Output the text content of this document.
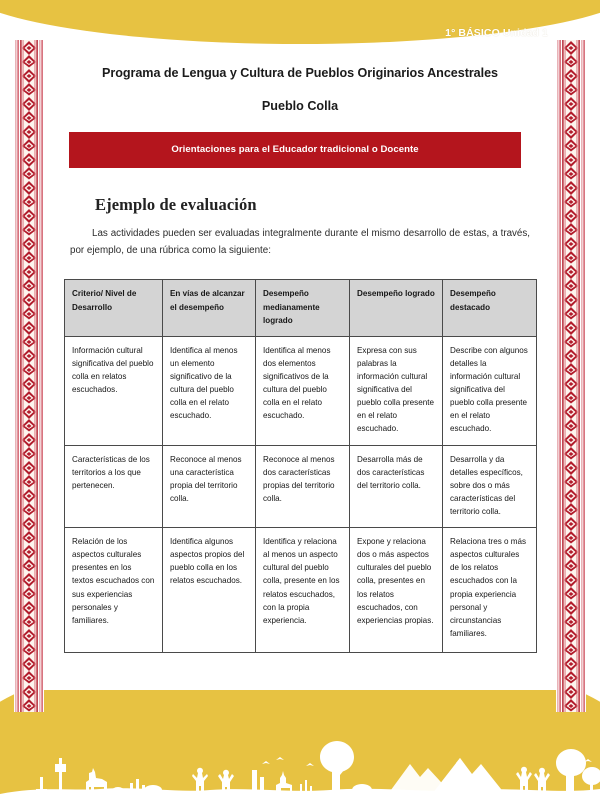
1° BÁSICO Unidad 1
Programa de Lengua y Cultura de Pueblos Originarios Ancestrales
Pueblo Colla
Orientaciones para el Educador tradicional o Docente
Ejemplo de evaluación

Las actividades pueden ser evaluadas integralmente durante el mismo desarrollo de estas, a través, por ejemplo, de una rúbrica como la siguiente:

Criterio/ Nivel de Desarrollo	En vías de alcanzar el desempeño	Desempeño medianamente logrado	Desempeño logrado	Desempeño destacado
Información cultural significativa del pueblo colla en relatos escuchados.	Identifica al menos un elemento significativo de la cultura del pueblo colla en el relato escuchado.	Identifica al menos dos elementos significativos de la cultura del pueblo colla en el relato escuchado.	Expresa con sus palabras la información cultural significativa del pueblo colla presente en el relato escuchado.	Describe con algunos detalles la información cultural significativa del pueblo colla presente en el relato escuchado.
Características de los territorios a los que pertenecen.	Reconoce al menos una característica propia del territorio colla.	Reconoce al menos dos características propias del territorio colla.	Desarrolla más de dos características del territorio colla.	Desarrolla y da detalles específicos, sobre dos o más características del territorio colla.
Relación de los aspectos culturales presentes en los textos escuchados con sus experiencias personales y familiares.	Identifica algunos aspectos propios del pueblo colla en los relatos escuchados.	Identifica y relaciona al menos un aspecto cultural del pueblo colla, presente en los relatos escuchados, con la propia experiencia.	Expone y relaciona dos o más aspectos culturales del pueblo colla, presentes en los relatos escuchados, con experiencias propias.	Relaciona tres o más aspectos culturales de los relatos escuchados con la propia experiencia personal y circunstancias familiares.
